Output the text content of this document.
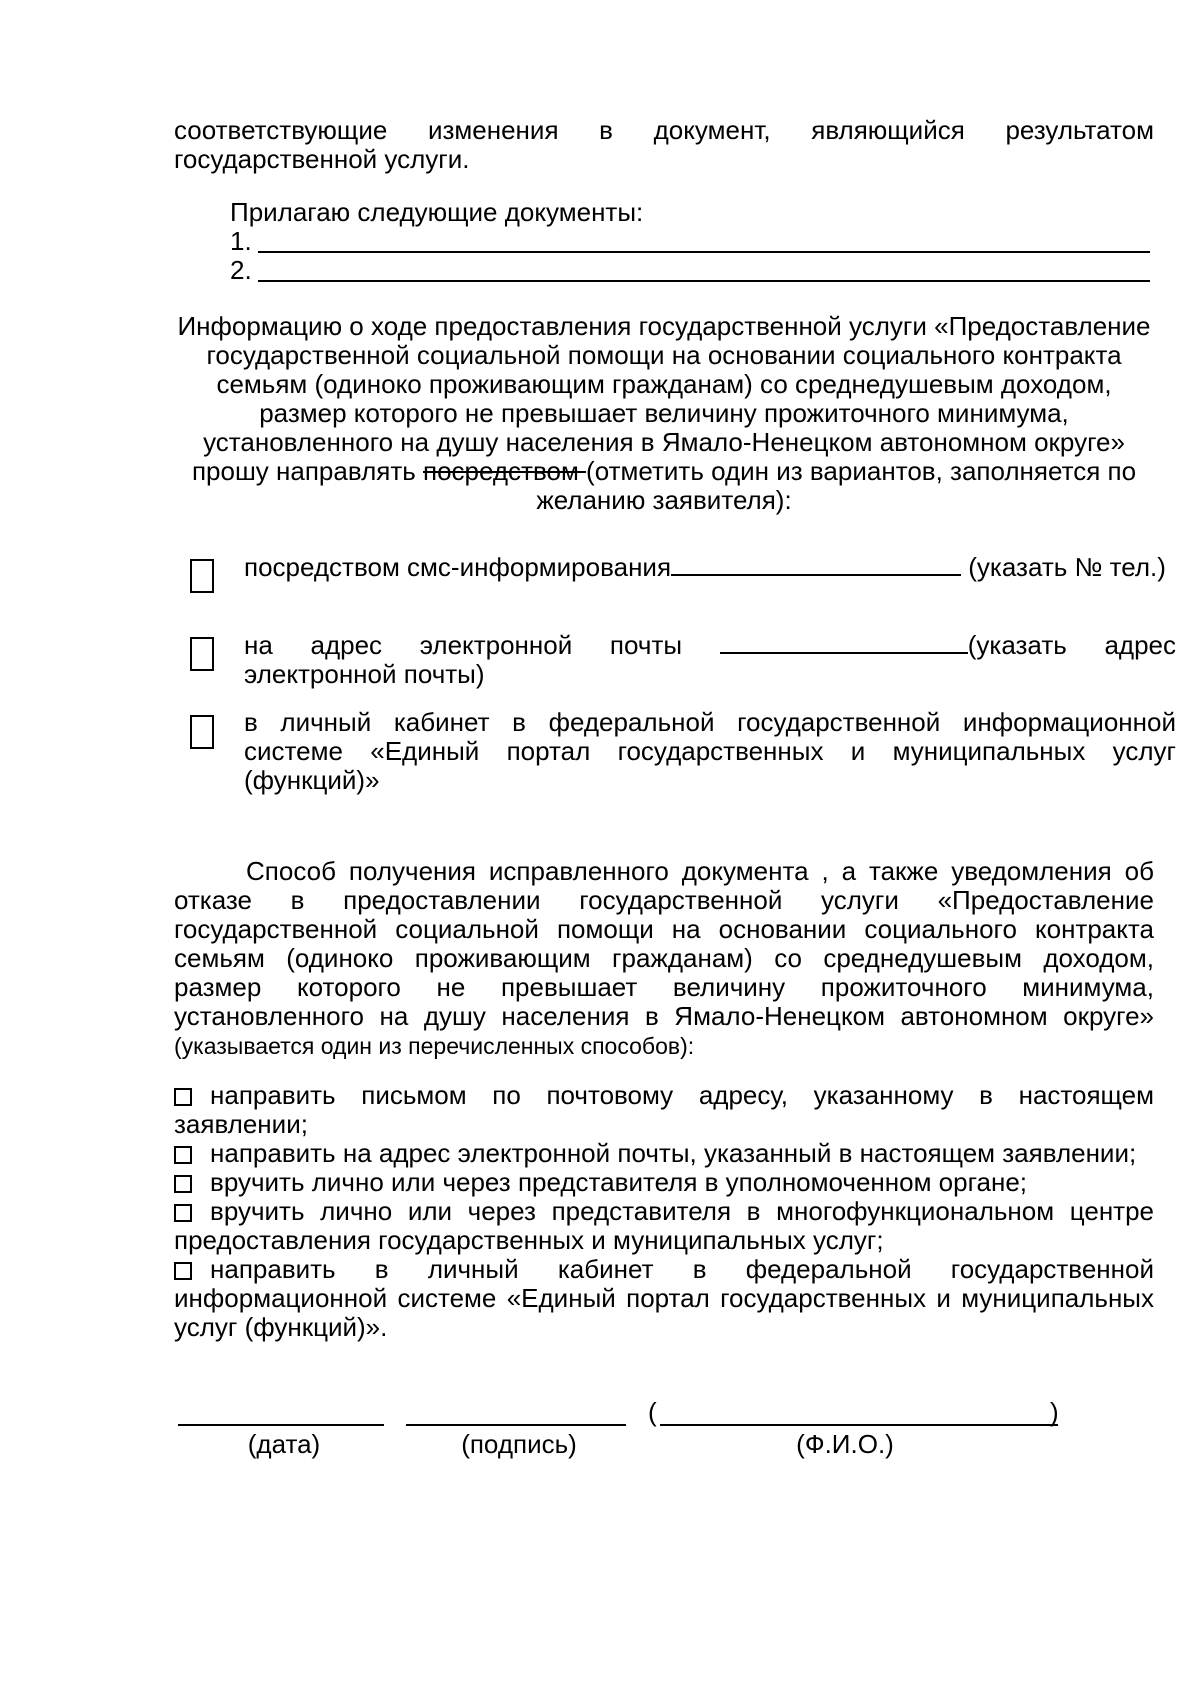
соответствующие изменения в документ, являющийся результатом государственной услуги.
Прилагаю следующие документы:
1.
2.
Информацию о ходе предоставления государственной услуги «Предоставление государственной социальной помощи на основании социального контракта семьям (одиноко проживающим гражданам) со среднедушевым доходом, размер которого не превышает величину прожиточного минимума, установленного на душу населения в Ямало-Ненецком автономном округе» прошу направлять посредством (отметить один из вариантов, заполняется по желанию заявителя):
посредством смс-информирования	(указать № тел.)
на адрес электронной почты	(указать адрес электронной почты)
в личный кабинет в федеральной государственной информационной системе «Единый портал государственных и муниципальных услуг (функций)»
Способ получения исправленного документа , а также уведомления об отказе в предоставлении государственной услуги «Предоставление государственной социальной помощи на основании социального контракта семьям (одиноко проживающим гражданам) со среднедушевым доходом, размер которого не превышает величину прожиточного минимума, установленного на душу населения в Ямало-Ненецком автономном округе» (указывается один из перечисленных способов):

направить письмом по почтовому адресу, указанному в настоящем заявлении;

направить на адрес электронной почты, указанный в настоящем заявлении;

вручить лично или через представителя в уполномоченном органе;

вручить лично или через представителя в многофункциональном центре предоставления государственных и муниципальных услуг;

направить в личный кабинет в федеральной государственной информационной системе «Единый портал государственных и муниципальных услуг (функций)».

(	)
(дата)	(подпись)	(Ф.И.О.)
